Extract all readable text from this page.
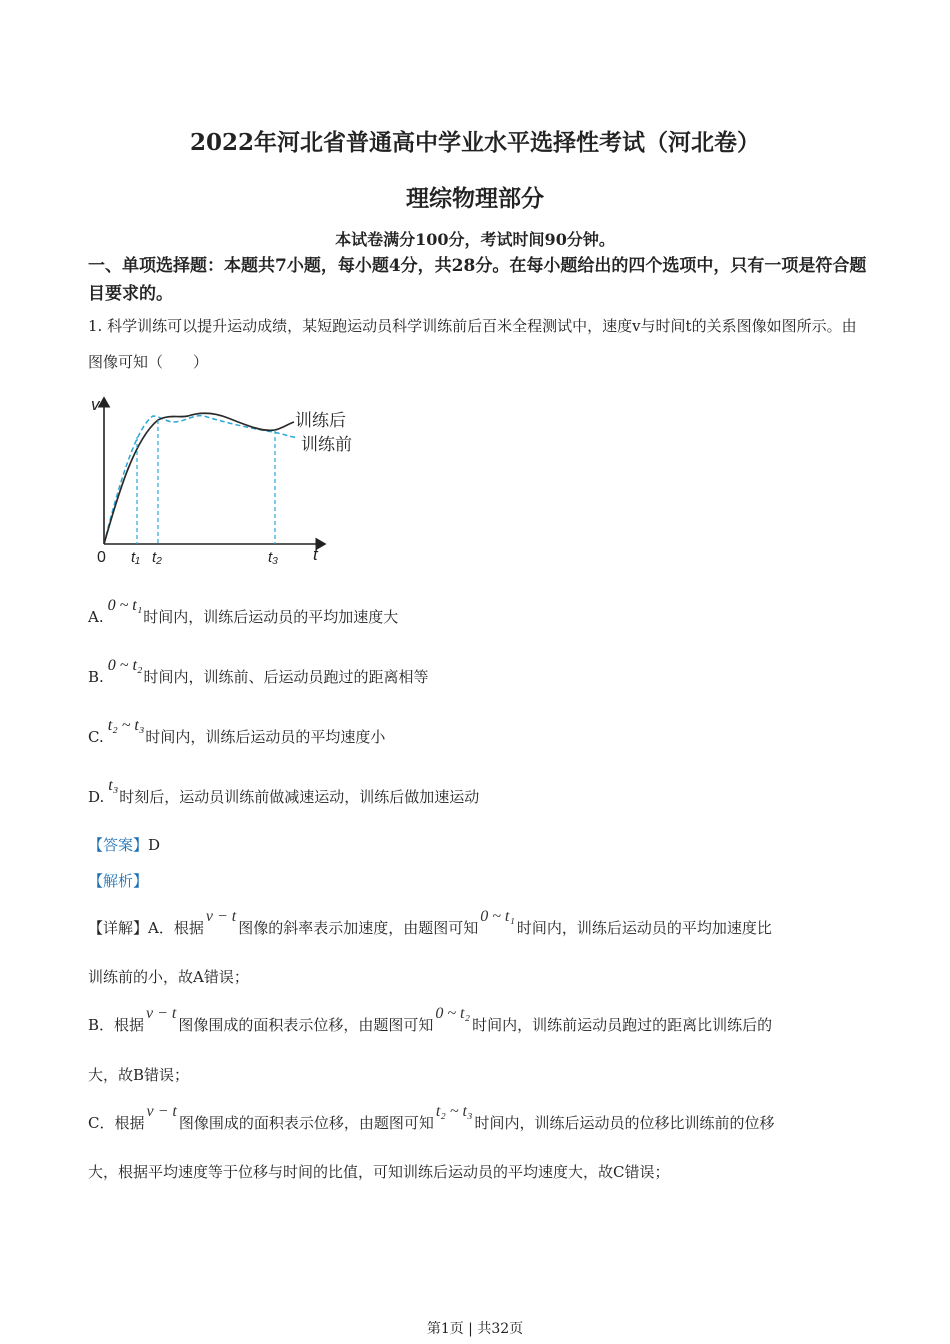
2022年河北省普通高中学业水平选择性考试（河北卷）
理综物理部分
本试卷满分100分，考试时间90分钟。
一、单项选择题：本题共7小题，每小题4分，共28分。在每小题给出的四个选项中，只有一项是符合题目要求的。
1. 科学训练可以提升运动成绩，某短跑运动员科学训练前后百米全程测试中，速度v与时间t的关系图像如图所示。由图像可知（　　）
v
t
0 t₁ t₂	t₃
训练后
训练前
A.0 ~ t₁时间内，训练后运动员的平均加速度大
B.0 ~ t₂时间内，训练前、后运动员跑过的距离相等
C.t₂ ~ t₃时间内，训练后运动员的平均速度小
D.t₃时刻后，运动员训练前做减速运动，训练后做加速运动
【答案】D
【解析】
【详解】A．根据v − t图像的斜率表示加速度，由题图可知0 ~ t₁时间内，训练后运动员的平均加速度比
训练前的小，故A错误；
B．根据v − t图像围成的面积表示位移，由题图可知0 ~ t₂时间内，训练前运动员跑过的距离比训练后的
大，故B错误；
C．根据v − t图像围成的面积表示位移，由题图可知t₂ ~ t₃时间内，训练后运动员的位移比训练前的位移
大，根据平均速度等于位移与时间的比值，可知训练后运动员的平均速度大，故C错误；
第1页 | 共32页
